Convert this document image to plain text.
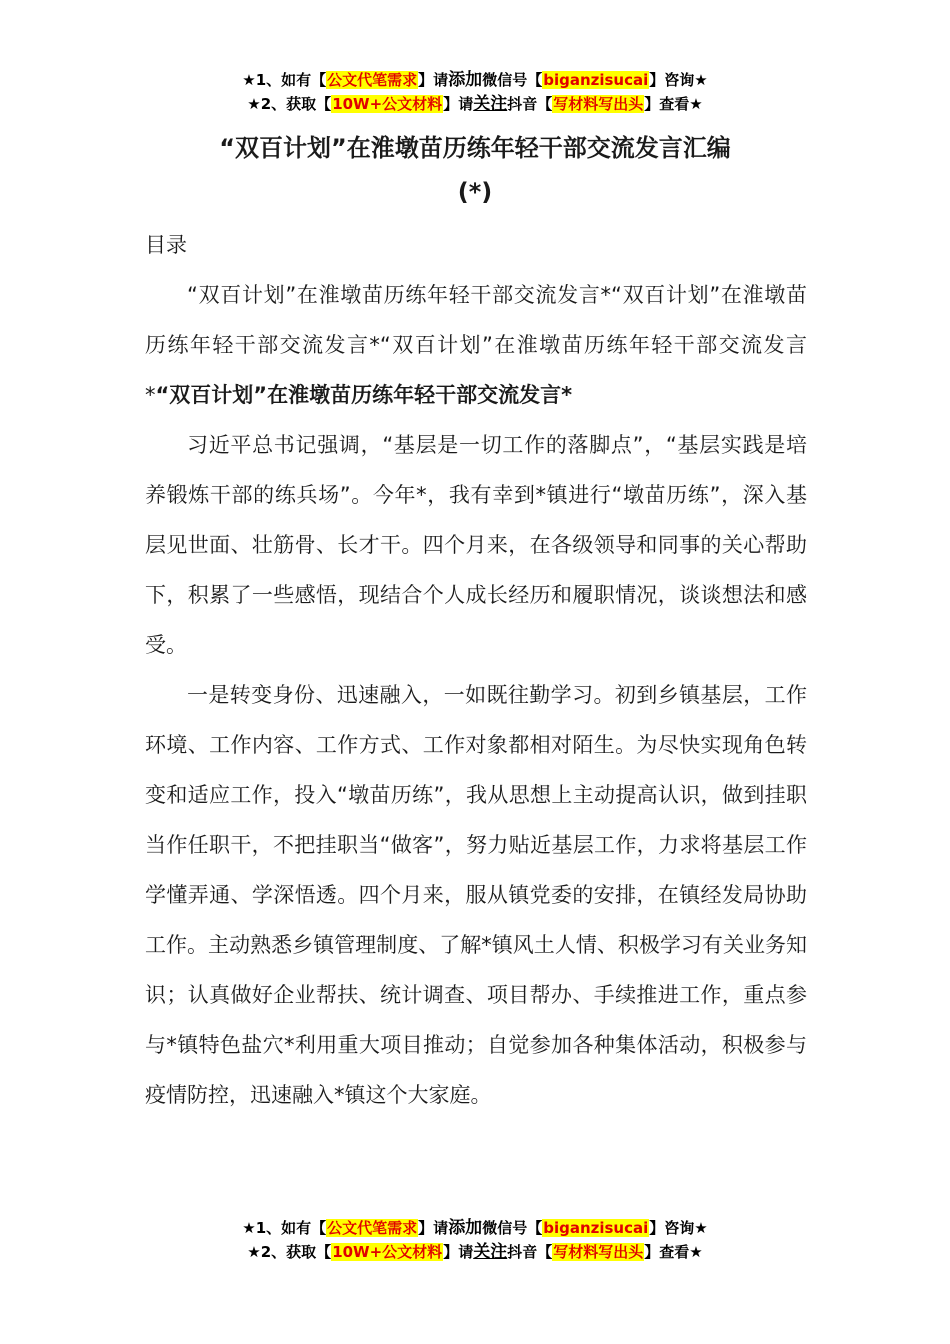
★1、如有【公文代笔需求】请添加微信号【biganzisucai】咨询★
★2、获取【10W+公文材料】请关注抖音【写材料写出头】查看★
“双百计划”在淮墩苗历练年轻干部交流发言汇编
(*)

目录

“双百计划”在淮墩苗历练年轻干部交流发言*“双百计划”在淮墩苗历练年轻干部交流发言*“双百计划”在淮墩苗历练年轻干部交流发言*“双百计划”在淮墩苗历练年轻干部交流发言*

习近平总书记强调，“基层是一切工作的落脚点”，“基层实践是培养锻炼干部的练兵场”。今年*，我有幸到*镇进行“墩苗历练”，深入基层见世面、壮筋骨、长才干。四个月来，在各级领导和同事的关心帮助下，积累了一些感悟，现结合个人成长经历和履职情况，谈谈想法和感受。

一是转变身份、迅速融入，一如既往勤学习。初到乡镇基层，工作环境、工作内容、工作方式、工作对象都相对陌生。为尽快实现角色转变和适应工作，投入“墩苗历练”，我从思想上主动提高认识，做到挂职当作任职干，不把挂职当“做客”，努力贴近基层工作，力求将基层工作学懂弄通、学深悟透。四个月来，服从镇党委的安排，在镇经发局协助工作。主动熟悉乡镇管理制度、了解*镇风土人情、积极学习有关业务知识；认真做好企业帮扶、统计调查、项目帮办、手续推进工作，重点参与*镇特色盐穴*利用重大项目推动；自觉参加各种集体活动，积极参与疫情防控，迅速融入*镇这个大家庭。

★1、如有【公文代笔需求】请添加微信号【biganzisucai】咨询★
★2、获取【10W+公文材料】请关注抖音【写材料写出头】查看★
